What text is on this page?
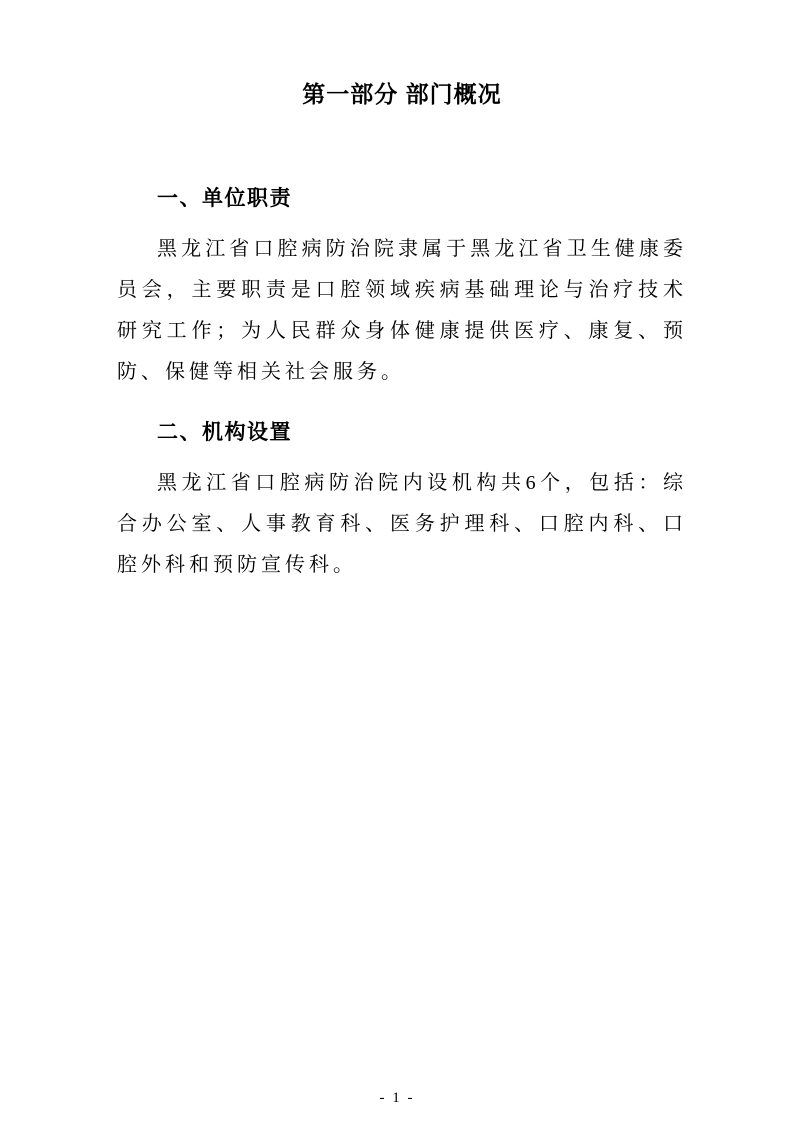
第一部分 部门概况
一、单位职责

黑龙江省口腔病防治院隶属于黑龙江省卫生健康委员会，主要职责是口腔领域疾病基础理论与治疗技术研究工作；为人民群众身体健康提供医疗、康复、预防、保健等相关社会服务。

二、机构设置

黑龙江省口腔病防治院内设机构共6个，包括：综合办公室、人事教育科、医务护理科、口腔内科、口腔外科和预防宣传科。

- 1 -
